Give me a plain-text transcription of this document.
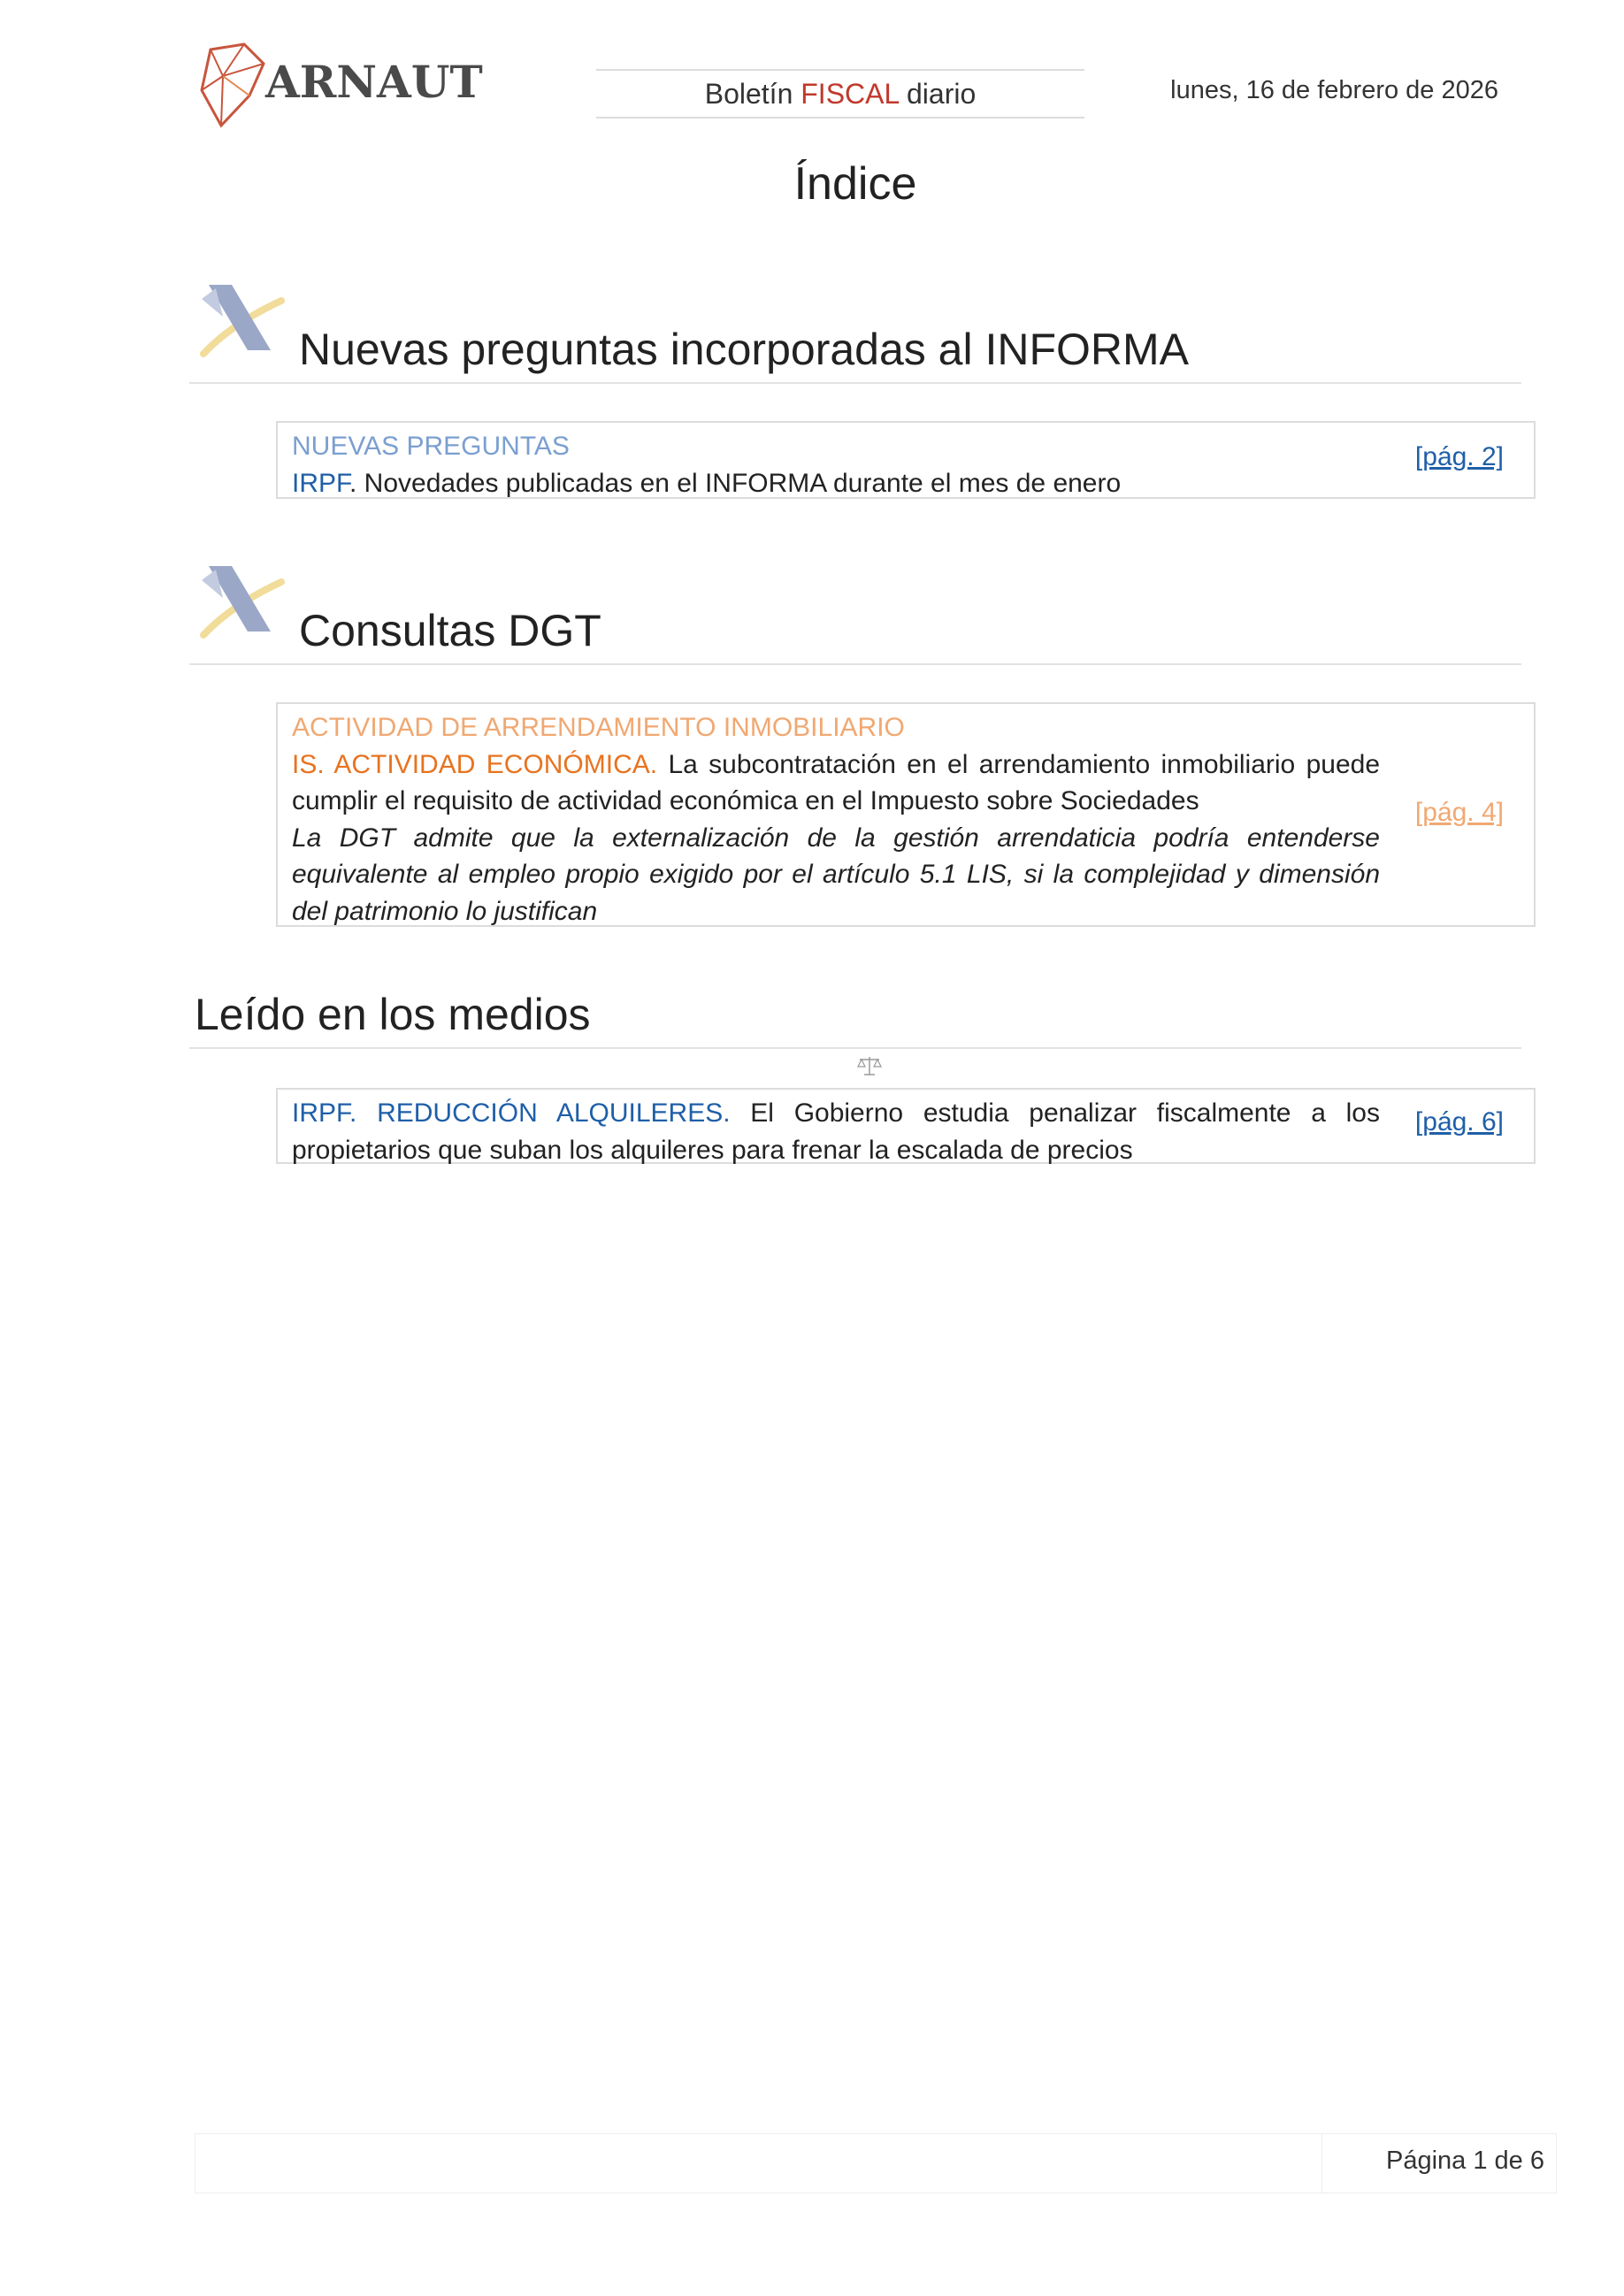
ARNAUT	Boletín FISCAL diario	lunes, 16 de febrero de 2026
Índice
Nuevas preguntas incorporadas al INFORMA
NUEVAS PREGUNTAS
IRPF. Novedades publicadas en el INFORMA durante el mes de enero
[pág. 2]
Consultas DGT
ACTIVIDAD DE ARRENDAMIENTO INMOBILIARIO
IS. ACTIVIDAD ECONÓMICA. La subcontratación en el arrendamiento inmobiliario puede cumplir el requisito de actividad económica en el Impuesto sobre Sociedades
La DGT admite que la externalización de la gestión arrendaticia podría entenderse equivalente al empleo propio exigido por el artículo 5.1 LIS, si la complejidad y dimensión del patrimonio lo justifican
[pág. 4]
Leído en los medios
IRPF. REDUCCIÓN ALQUILERES. El Gobierno estudia penalizar fiscalmente a los propietarios que suban los alquileres para frenar la escalada de precios
[pág. 6]
Página 1 de 6
